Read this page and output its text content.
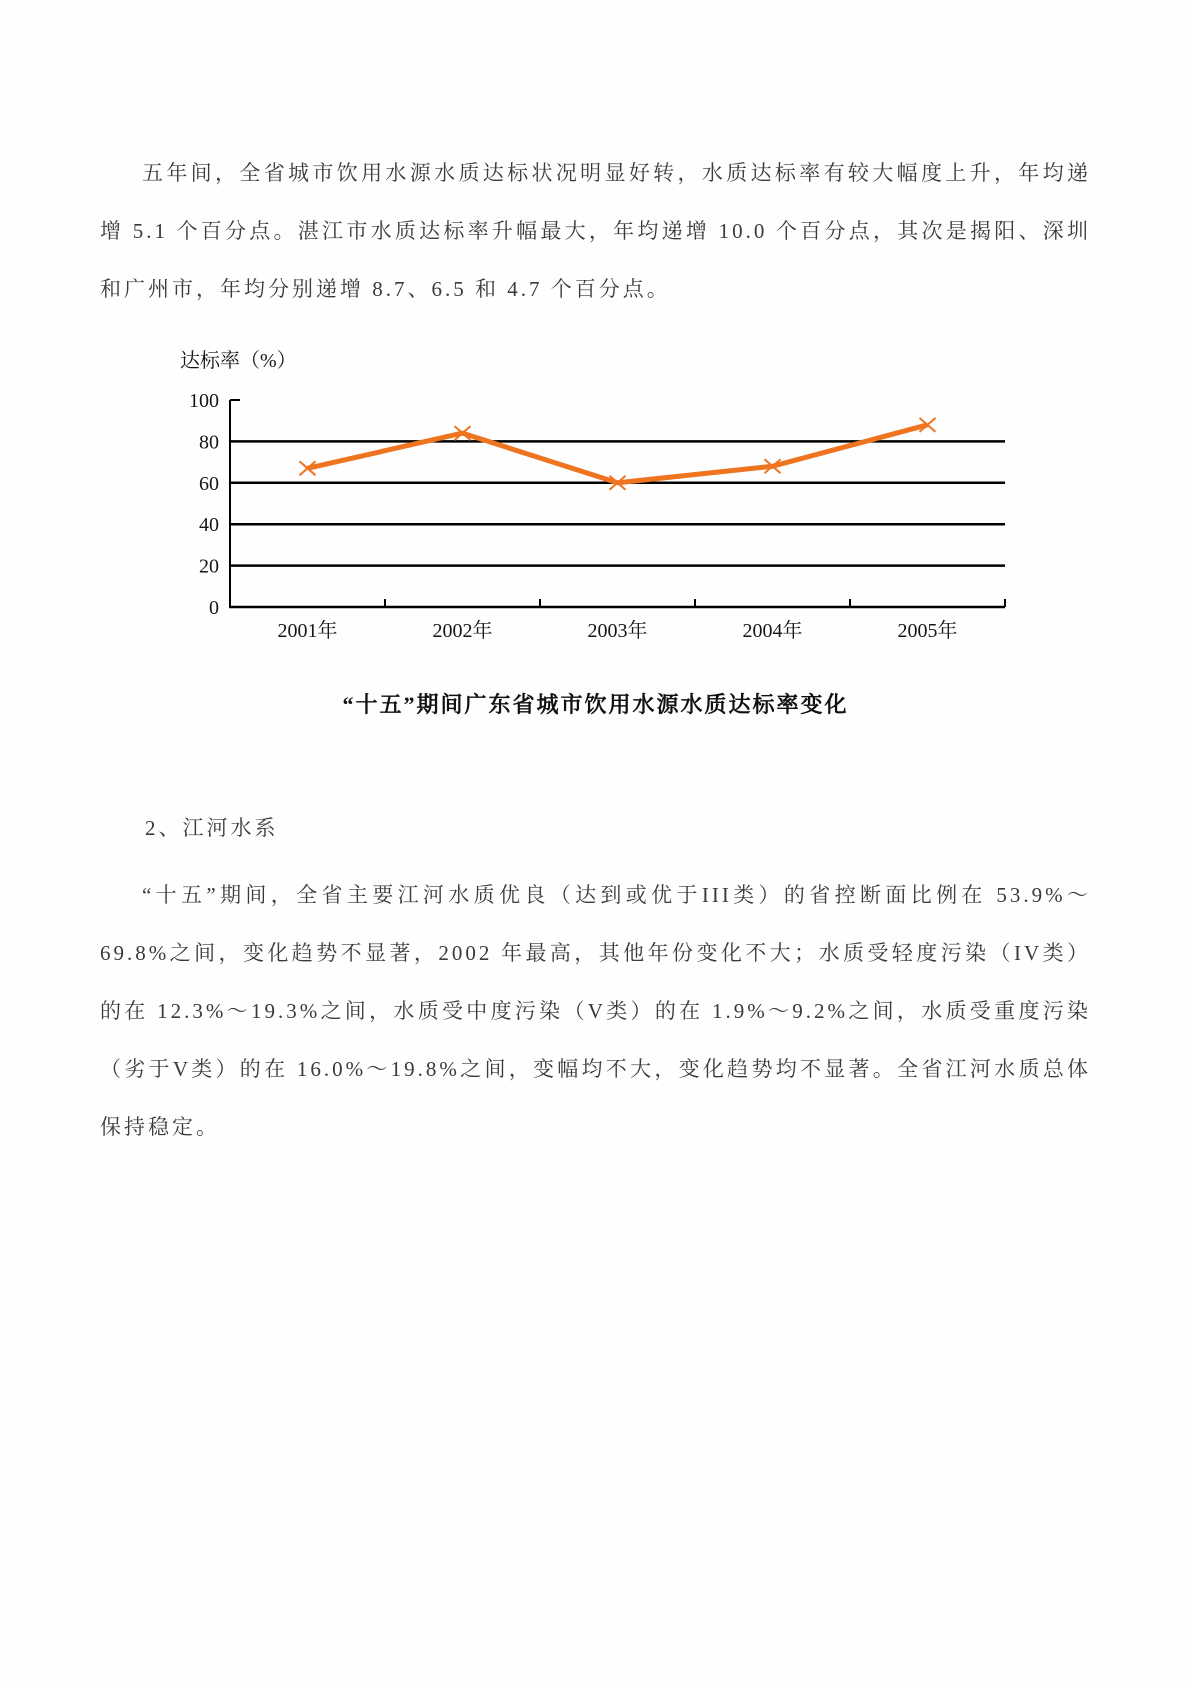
五年间，全省城市饮用水源水质达标状况明显好转，水质达标率有较大幅度上升，年均递增 5.1 个百分点。湛江市水质达标率升幅最大，年均递增 10.0 个百分点，其次是揭阳、深圳和广州市，年均分别递增 8.7、6.5 和 4.7 个百分点。

0
20
40
60
80
100
2001年	2002年	2003年	2004年	2005年
达标率（%）

“十五”期间广东省城市饮用水源水质达标率变化

2、江河水系

“十五”期间，全省主要江河水质优良（达到或优于III类）的省控断面比例在 53.9%～69.8%之间，变化趋势不显著，2002 年最高，其他年份变化不大；水质受轻度污染（IV类）的在 12.3%～19.3%之间，水质受中度污染（V类）的在 1.9%～9.2%之间，水质受重度污染（劣于V类）的在 16.0%～19.8%之间，变幅均不大，变化趋势均不显著。全省江河水质总体保持稳定。
